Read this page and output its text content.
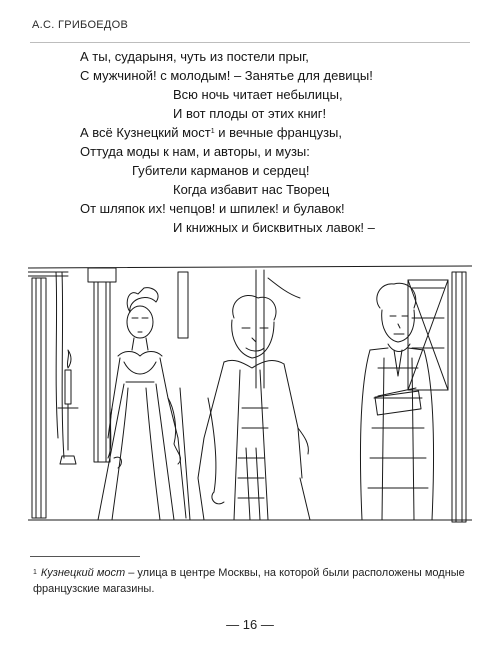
А.С. ГРИБОЕДОВ
А ты, сударыня, чуть из постели прыг,
С мужчиной! с молодым! – Занятье для девицы!
Всю ночь читает небылицы,
И вот плоды от этих книг!
А всё Кузнецкий мост$^1$ и вечные французы,
Оттуда моды к нам, и авторы, и музы:
Губители карманов и сердец!
Когда избавит нас Творец
От шляпок их! чепцов! и шпилек! и булавок!
И книжных и бисквитных лавок! –
$^1$ Кузнецкий мост – улица в центре Москвы, на которой были расположены модные французские магазины.
— 16 —
